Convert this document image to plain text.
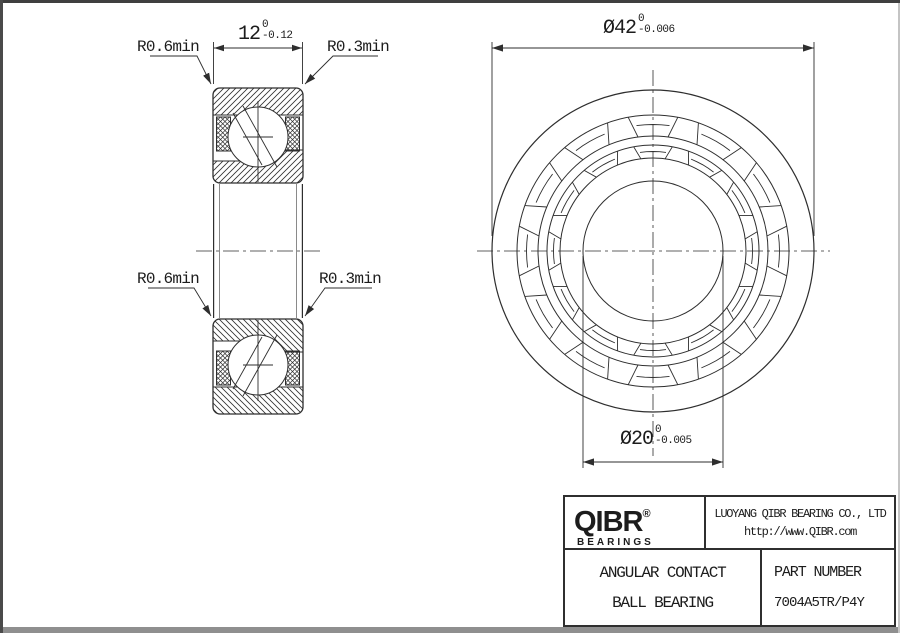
R0.6min	R0.3min
R0.6min	R0.3min
12 0
-0.12	Ø42 0
-0.006
Ø20 0
-0.005
QIBR®
BEARINGS
LUOYANG QIBR BEARING CO., LTD
http://www.QIBR.com
ANGULAR CONTACT
BALL BEARING
PART NUMBER
7004A5TR/P4Y
